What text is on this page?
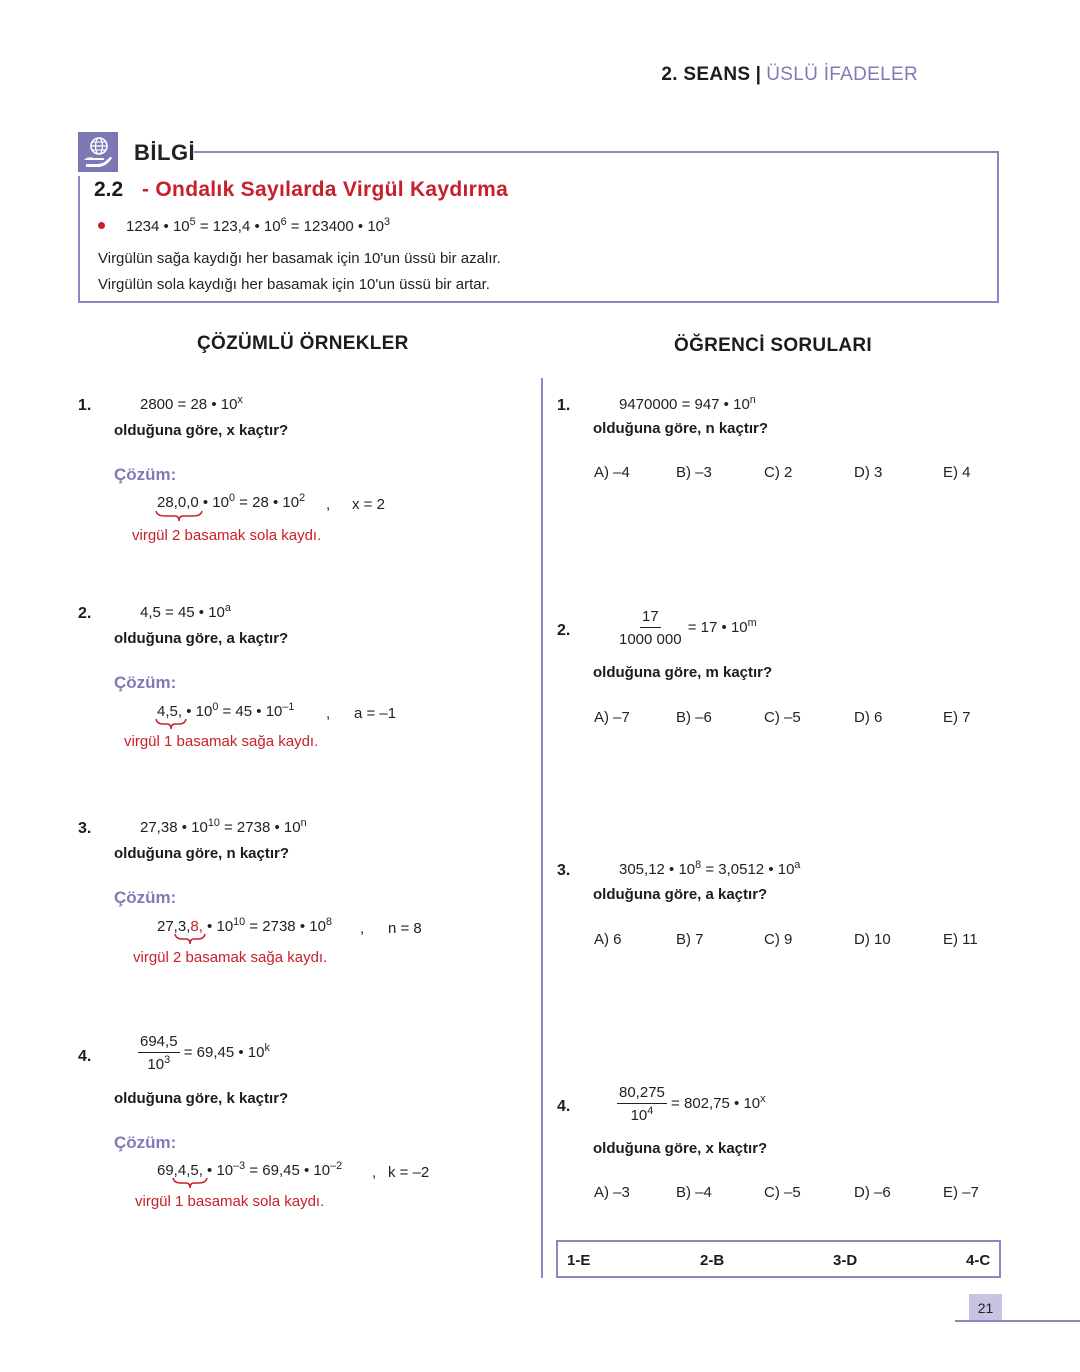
2. SEANS | ÜSLÜ İFADELER
BİLGİ
2.2 - Ondalık Sayılarda Virgül Kaydırma
1234 • $10^5 = 123,4$ • $10^6 = 123400$ • $10^3$
Virgülün sağa kaydığı her basamak için 10'un üssü bir azalır.
Virgülün sola kaydığı her basamak için 10'un üssü bir artar.
ÇÖZÜMLÜ ÖRNEKLER	ÖĞRENCİ SORULARI
1.	2800 = 28 • 10$^x$
olduğuna göre, x kaçtır?
Çözüm:
28,0,0 • $10^0 = 28$ • $10^2$ , x = 2
virgül 2 basamak sola kaydı.
2.	4,5 = 45 • 10$^a$
olduğuna göre, a kaçtır?
Çözüm:
4,5, • $10^0 = 45$ • $10^{-1}$ , a = –1
virgül 1 basamak sağa kaydı.
3.	27,38 • $10^{10} = 2738$ • 10$^n$
olduğuna göre, n kaçtır?
Çözüm:
27,3,8, • $10^{10} = 2738$ • $10^8$ , n = 8
virgül 2 basamak sağa kaydı.
4.	$\frac{694,5}{10^3} = 69,45$ • 10$^k$
olduğuna göre, k kaçtır?
Çözüm:
69,4,5, • $10^{-3} = 69,45$ • $10^{-2}$ , k = –2
virgül 1 basamak sola kaydı.
1.	9470000 = 947 • 10$^n$
olduğuna göre, n kaçtır?
A) –4	B) –3	C) 2	D) 3	E) 4
2.	$\frac{17}{1000 000} = 17$ • 10$^m$
olduğuna göre, m kaçtır?
A) –7	B) –6	C) –5	D) 6	E) 7
3.	305,12 • $10^8 = 3,0512$ • 10$^a$
olduğuna göre, a kaçtır?
A) 6	B) 7	C) 9	D) 10	E) 11
4.	$\frac{80,275}{10^4} = 802,75$ • 10$^x$
olduğuna göre, x kaçtır?
A) –3	B) –4	C) –5	D) –6	E) –7
1-E	2-B	3-D	4-C
21
